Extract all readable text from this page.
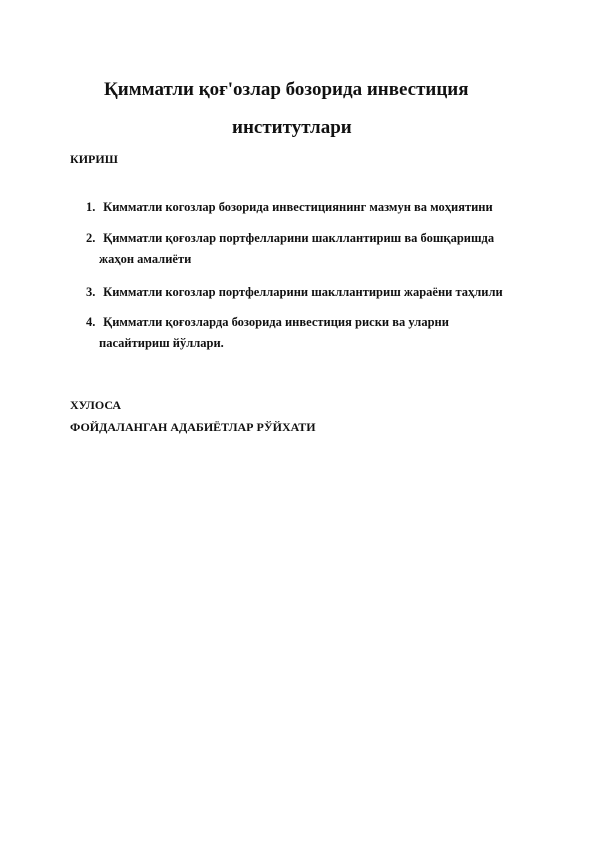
Қимматли қоғ'озлар бозорида инвестиция
институтлари
КИРИШ
1. Кимматли когозлар бозорида инвестициянинг мазмун ва моҳиятини
2. Қимматли қоғозлар портфелларини шакллантириш ва бошқаришда
жаҳон амалиёти
3. Кимматли когозлар портфелларини шакллантириш жараёни таҳлили
4. Қимматли қоғозларда бозорида инвестиция риски ва уларни
пасайтириш йўллари.
ХУЛОСА
ФОЙДАЛАНГАН АДАБИЁТЛАР РЎЙХАТИ
